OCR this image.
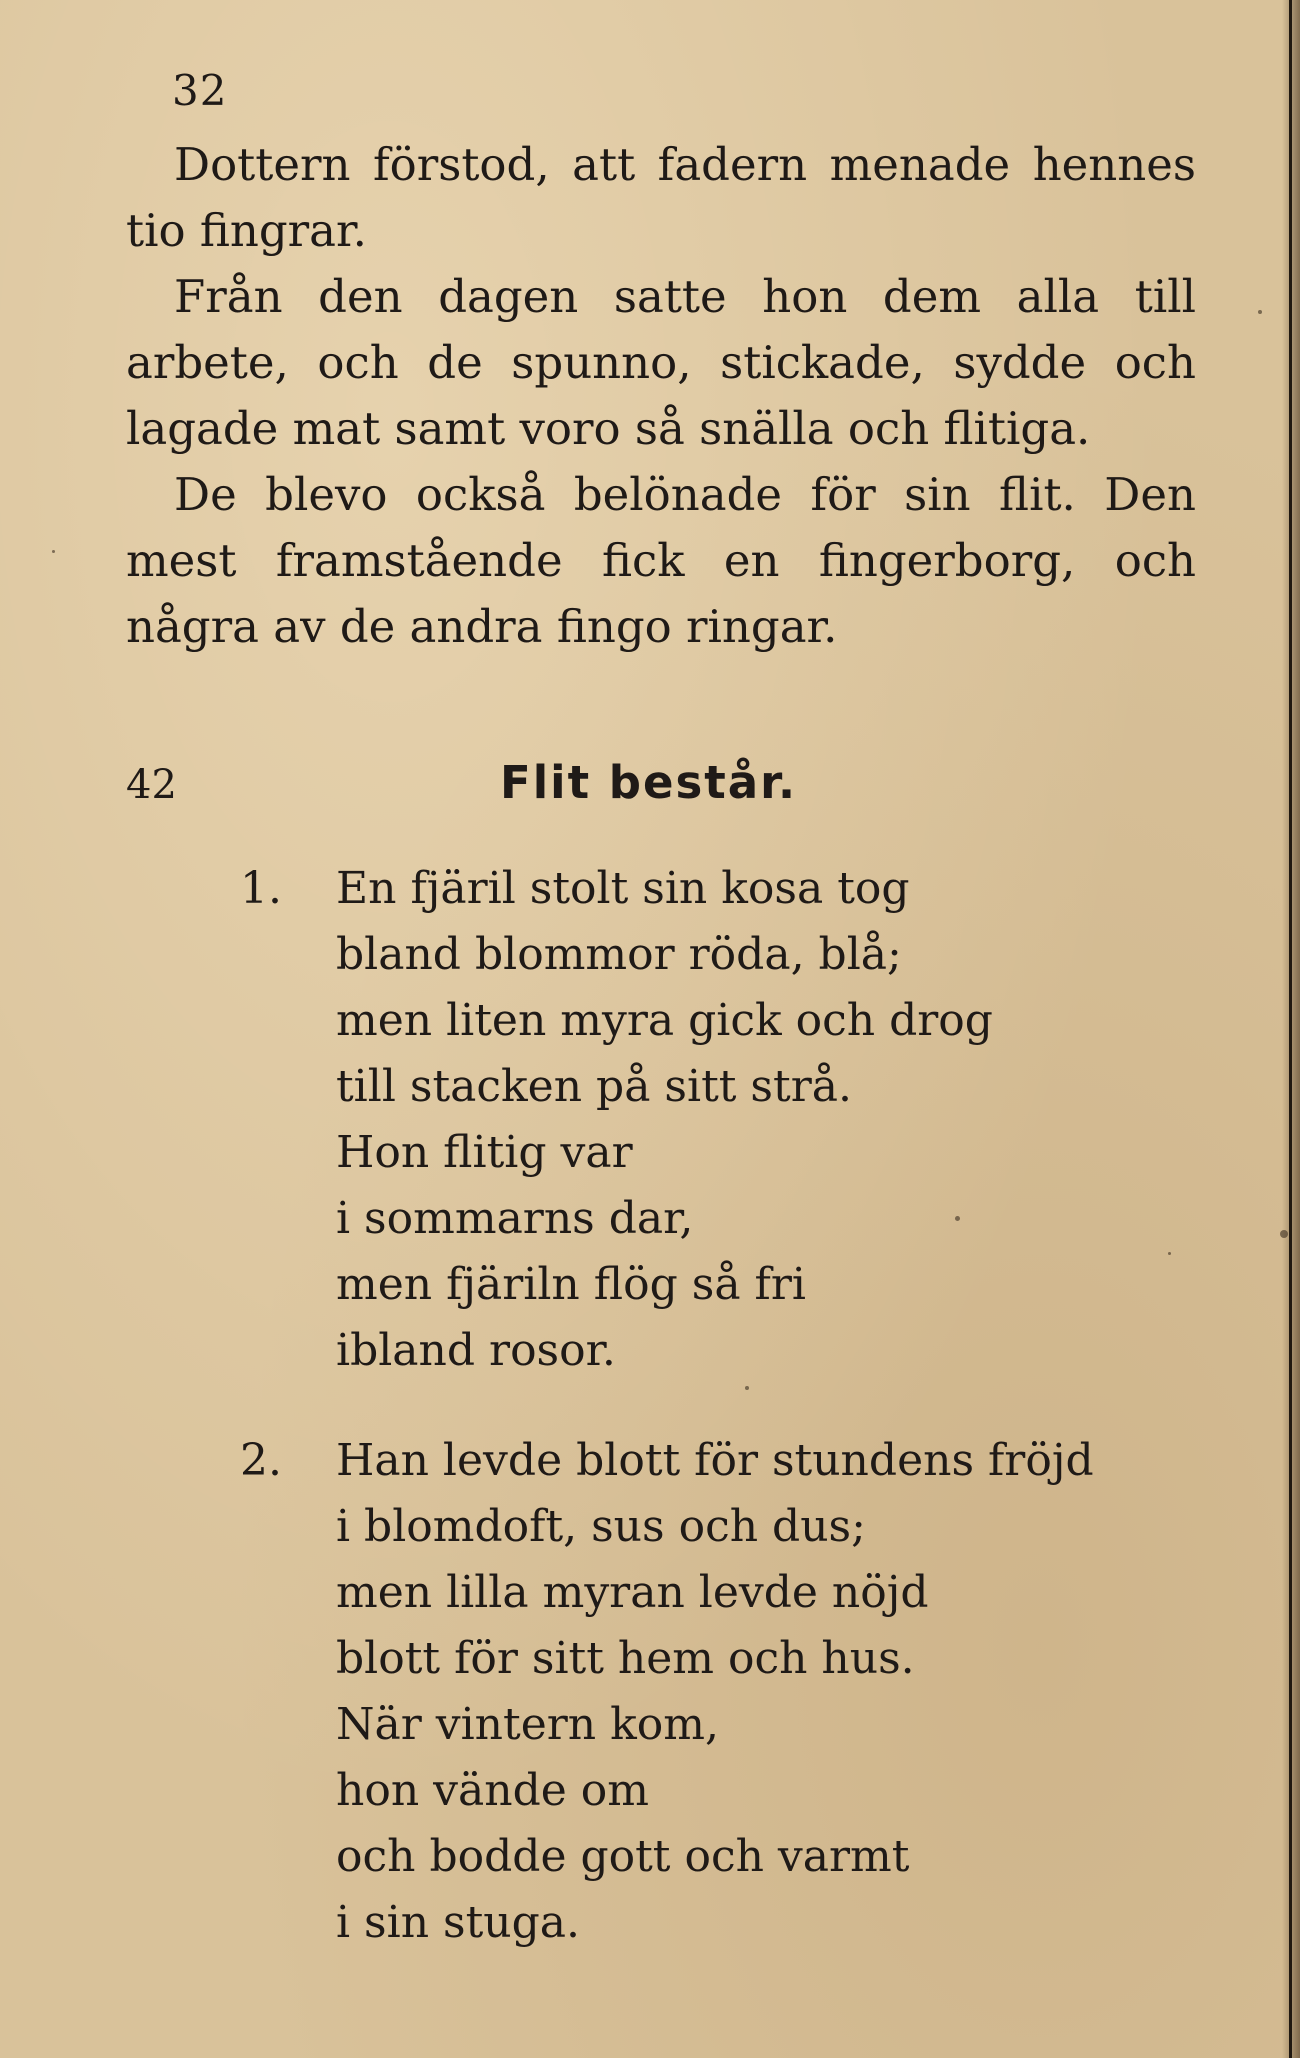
32

Dottern förstod, att fadern menade hennes tio fingrar.

Från den dagen satte hon dem alla till arbete, och de spunno, stickade, sydde och lagade mat samt voro så snälla och flitiga.

De blevo också belönade för sin flit. Den mest framstående fick en fingerborg, och några av de andra fingo ringar.

42	Flit består.
1. En fjäril stolt sin kosa tog
bland blommor röda, blå;
men liten myra gick och drog
till stacken på sitt strå.
Hon flitig var
i sommarns dar,
men fjäriln flög så fri
ibland rosor.
2. Han levde blott för stundens fröjd
i blomdoft, sus och dus;
men lilla myran levde nöjd
blott för sitt hem och hus.
När vintern kom,
hon vände om
och bodde gott och varmt
i sin stuga.
